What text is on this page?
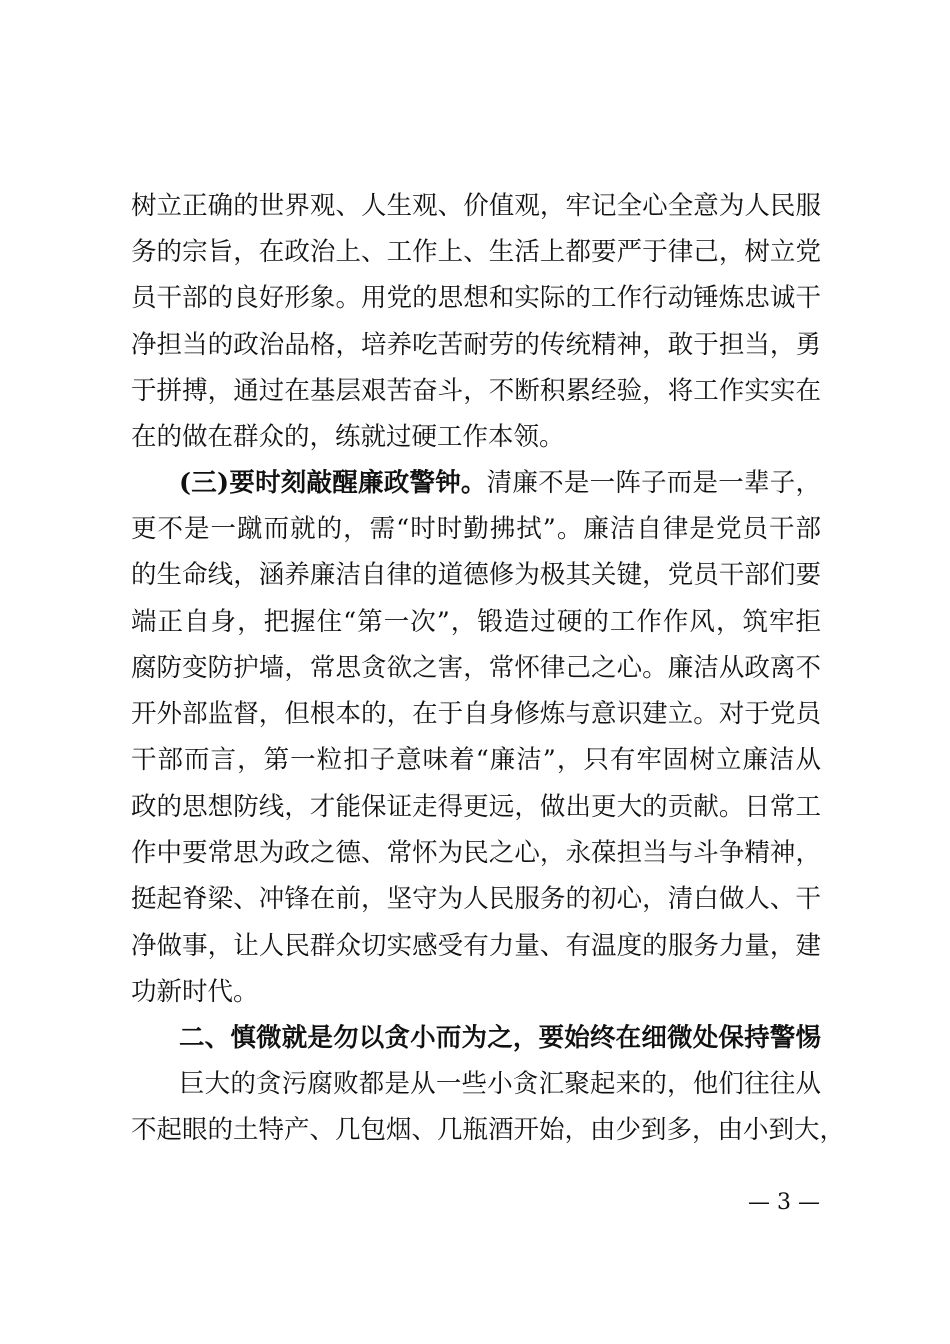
树立正确的世界观、人生观、价值观，牢记全心全意为人民服
务的宗旨，在政治上、工作上、生活上都要严于律己，树立党
员干部的良好形象。用党的思想和实际的工作行动锤炼忠诚干
净担当的政治品格，培养吃苦耐劳的传统精神，敢于担当，勇
于拼搏，通过在基层艰苦奋斗，不断积累经验，将工作实实在
在的做在群众的，练就过硬工作本领。
(三)要时刻敲醒廉政警钟。清廉不是一阵子而是一辈子，
更不是一蹴而就的，需“时时勤拂拭”。廉洁自律是党员干部
的生命线，涵养廉洁自律的道德修为极其关键，党员干部们要
端正自身，把握住“第一次”，锻造过硬的工作作风，筑牢拒
腐防变防护墙，常思贪欲之害，常怀律己之心。廉洁从政离不
开外部监督，但根本的，在于自身修炼与意识建立。对于党员
干部而言，第一粒扣子意味着“廉洁”，只有牢固树立廉洁从
政的思想防线，才能保证走得更远，做出更大的贡献。日常工
作中要常思为政之德、常怀为民之心，永葆担当与斗争精神，
挺起脊梁、冲锋在前，坚守为人民服务的初心，清白做人、干
净做事，让人民群众切实感受有力量、有温度的服务力量，建
功新时代。
二、慎微就是勿以贪小而为之，要始终在细微处保持警惕
巨大的贪污腐败都是从一些小贪汇聚起来的，他们往往从
不起眼的土特产、几包烟、几瓶酒开始，由少到多，由小到大，
— 3 —
